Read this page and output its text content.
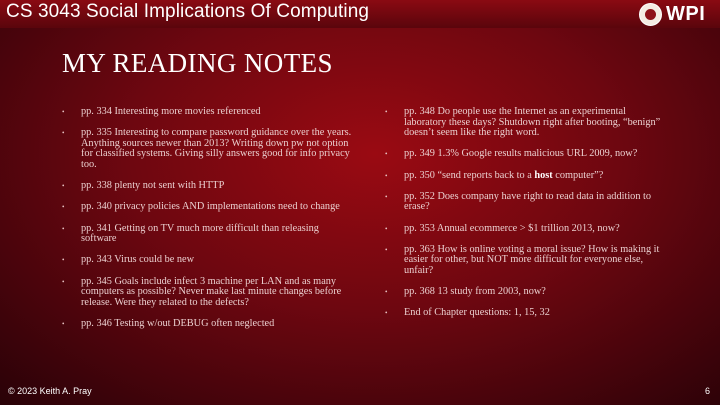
CS 3043 Social Implications Of Computing	WPI
MY READING NOTES
• pp. 334 Interesting more movies referenced
• pp. 335 Interesting to compare password guidance over the years. Anything sources newer than 2013? Writing down pw not option for classified systems. Giving silly answers good for info privacy too.
• pp. 338 plenty not sent with HTTP
• pp. 340 privacy policies AND implementations need to change
• pp. 341 Getting on TV much more difficult than releasing software
• pp. 343 Virus could be new
• pp. 345 Goals include infect 3 machine per LAN and as many computers as possible? Never make last minute changes before release. Were they related to the defects?
• pp. 346 Testing w/out DEBUG often neglected
• pp. 348 Do people use the Internet as an experimental laboratory these days? Shutdown right after booting, “benign” doesn’t seem like the right word.
• pp. 349 1.3% Google results malicious URL 2009, now?
• pp. 350 “send reports back to a host computer”?
• pp. 352 Does company have right to read data in addition to erase?
• pp. 353 Annual ecommerce > $1 trillion 2013, now?
• pp. 363 How is online voting a moral issue? How is making it easier for other, but NOT more difficult for everyone else, unfair?
• pp. 368 13 study from 2003, now?
• End of Chapter questions: 1, 15, 32
© 2023 Keith A. Pray	6
